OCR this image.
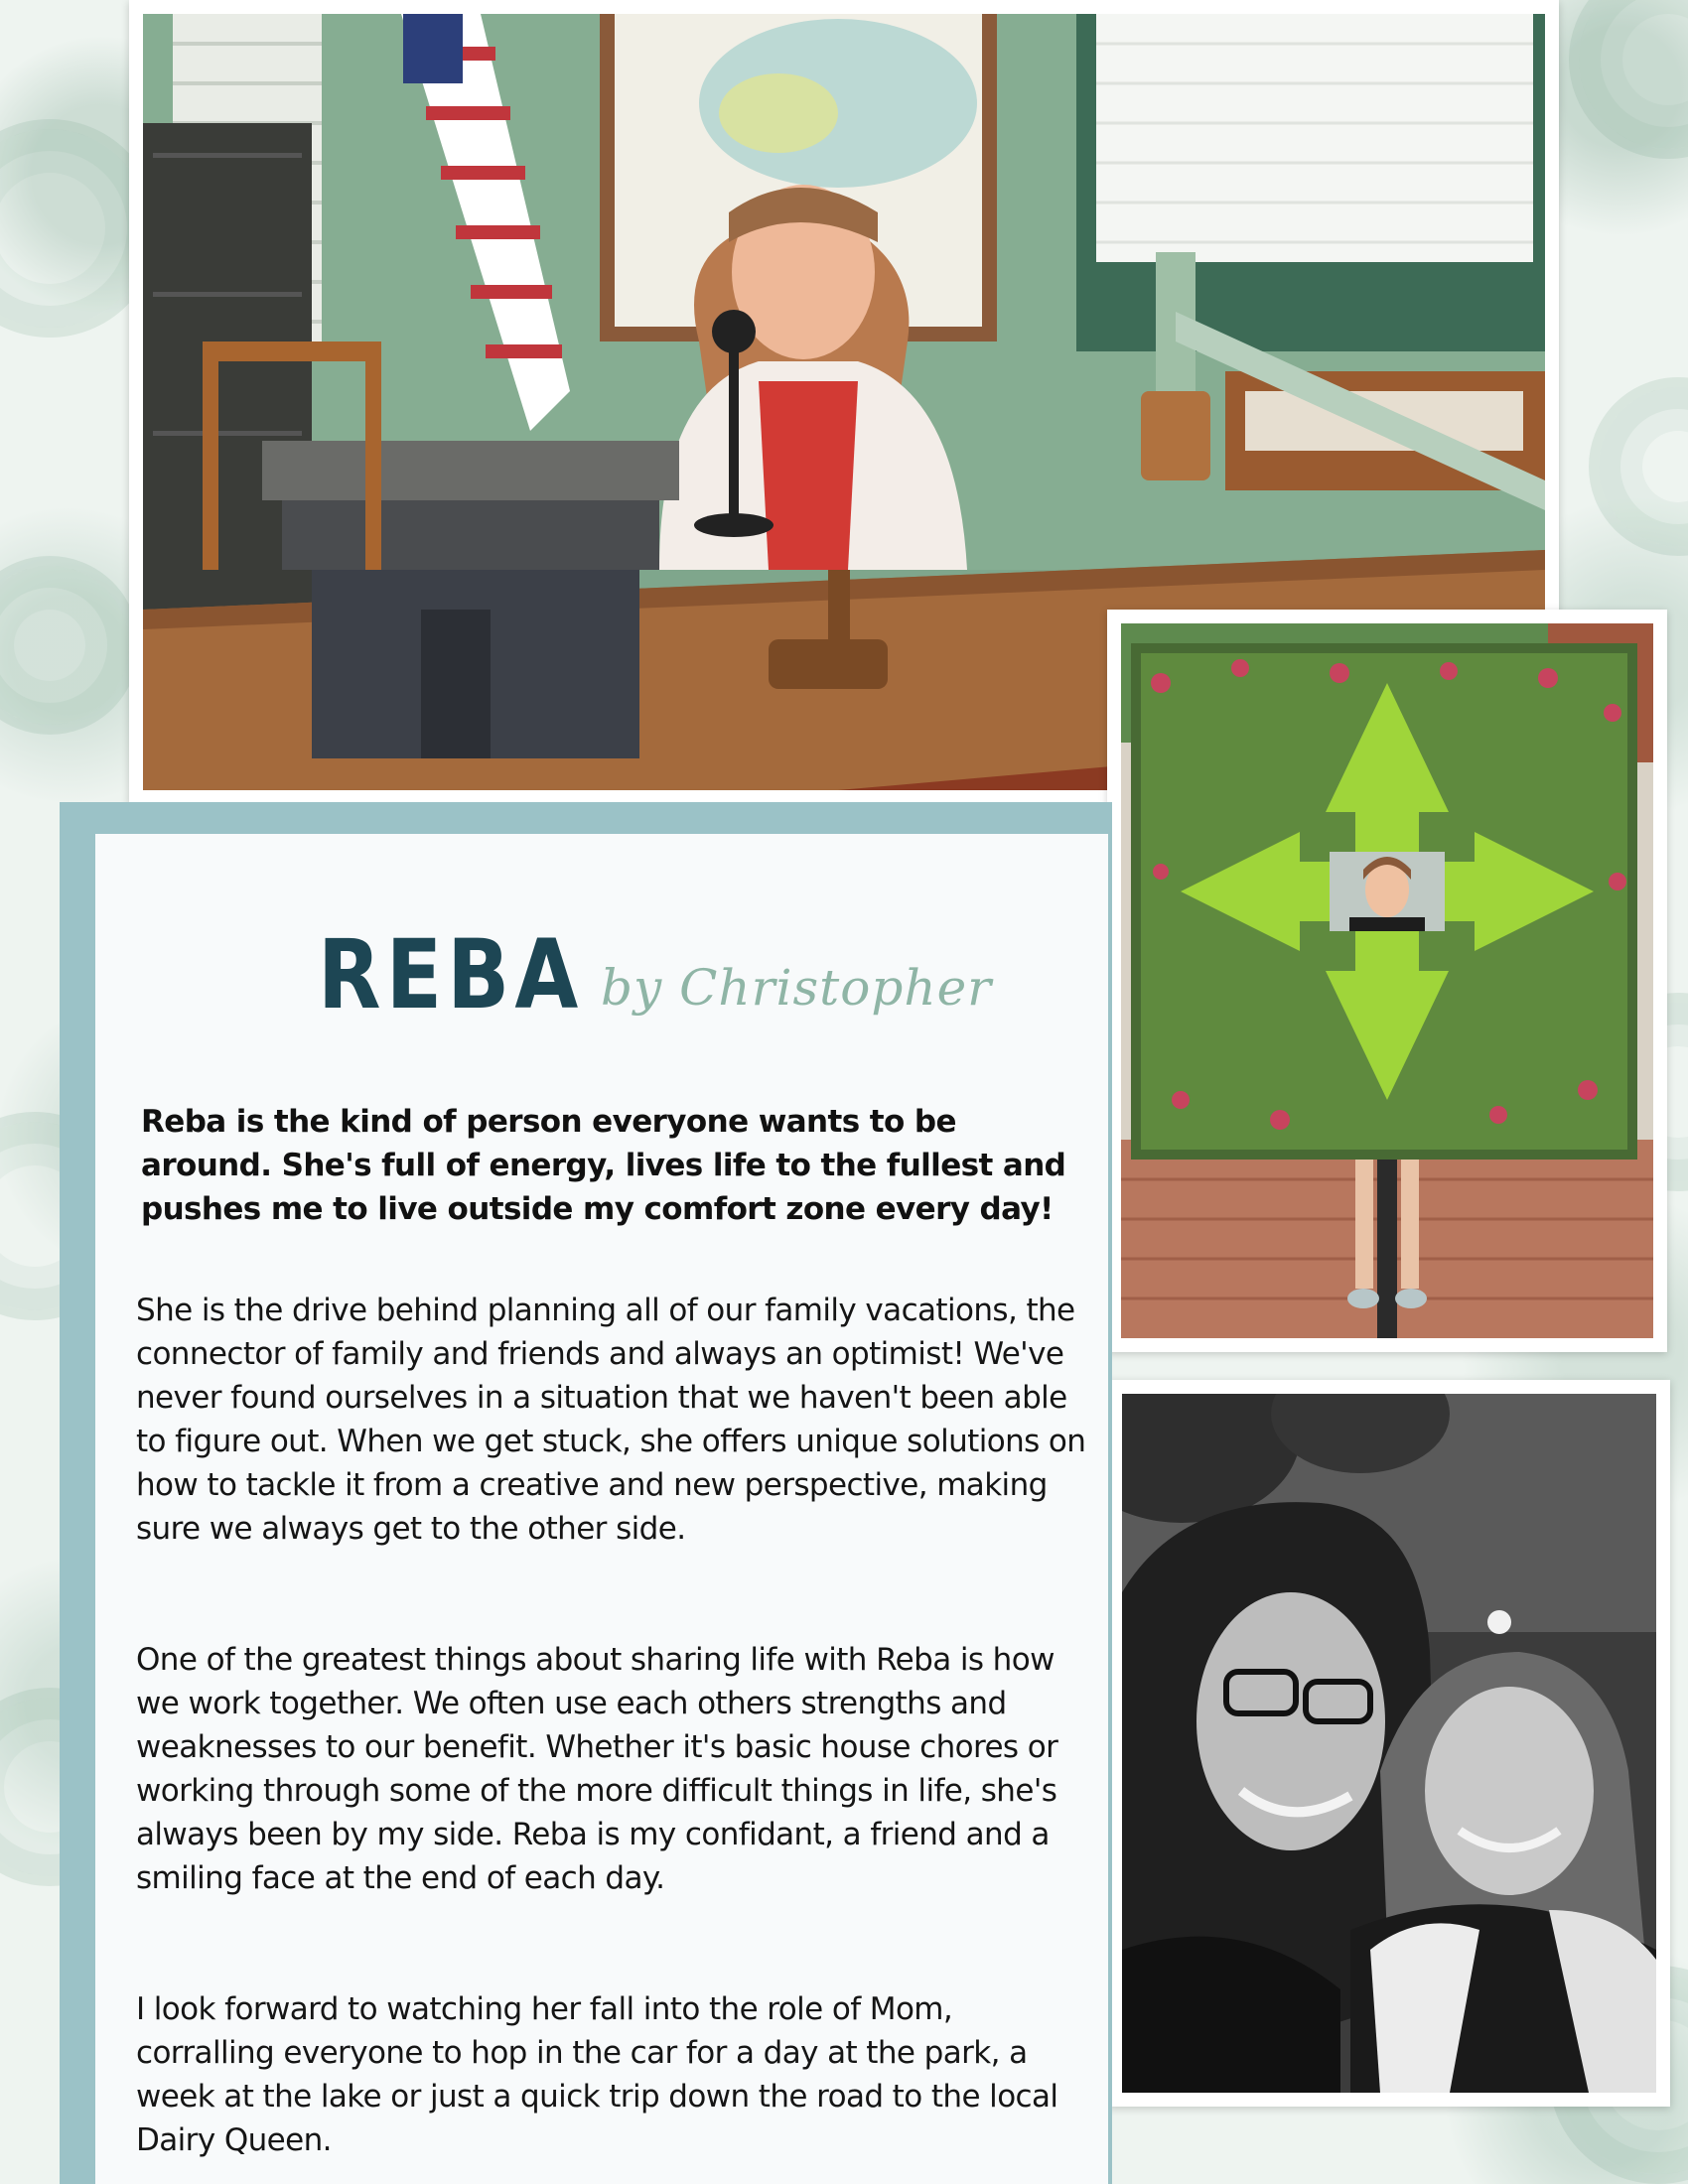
REBA by Christopher

Reba is the kind of person everyone wants to be around. She's full of energy, lives life to the fullest and pushes me to live outside my comfort zone every day!

She is the drive behind planning all of our family vacations, the connector of family and friends and always an optimist! We've never found ourselves in a situation that we haven't been able to figure out. When we get stuck, she offers unique solutions on how to tackle it from a creative and new perspective, making sure we always get to the other side.

One of the greatest things about sharing life with Reba is how we work together. We often use each others strengths and weaknesses to our benefit. Whether it's basic house chores or working through some of the more difficult things in life, she's always been by my side. Reba is my confidant, a friend and a smiling face at the end of each day.

I look forward to watching her fall into the role of Mom, corralling everyone to hop in the car for a day at the park, a week at the lake or just a quick trip down the road to the local Dairy Queen.
